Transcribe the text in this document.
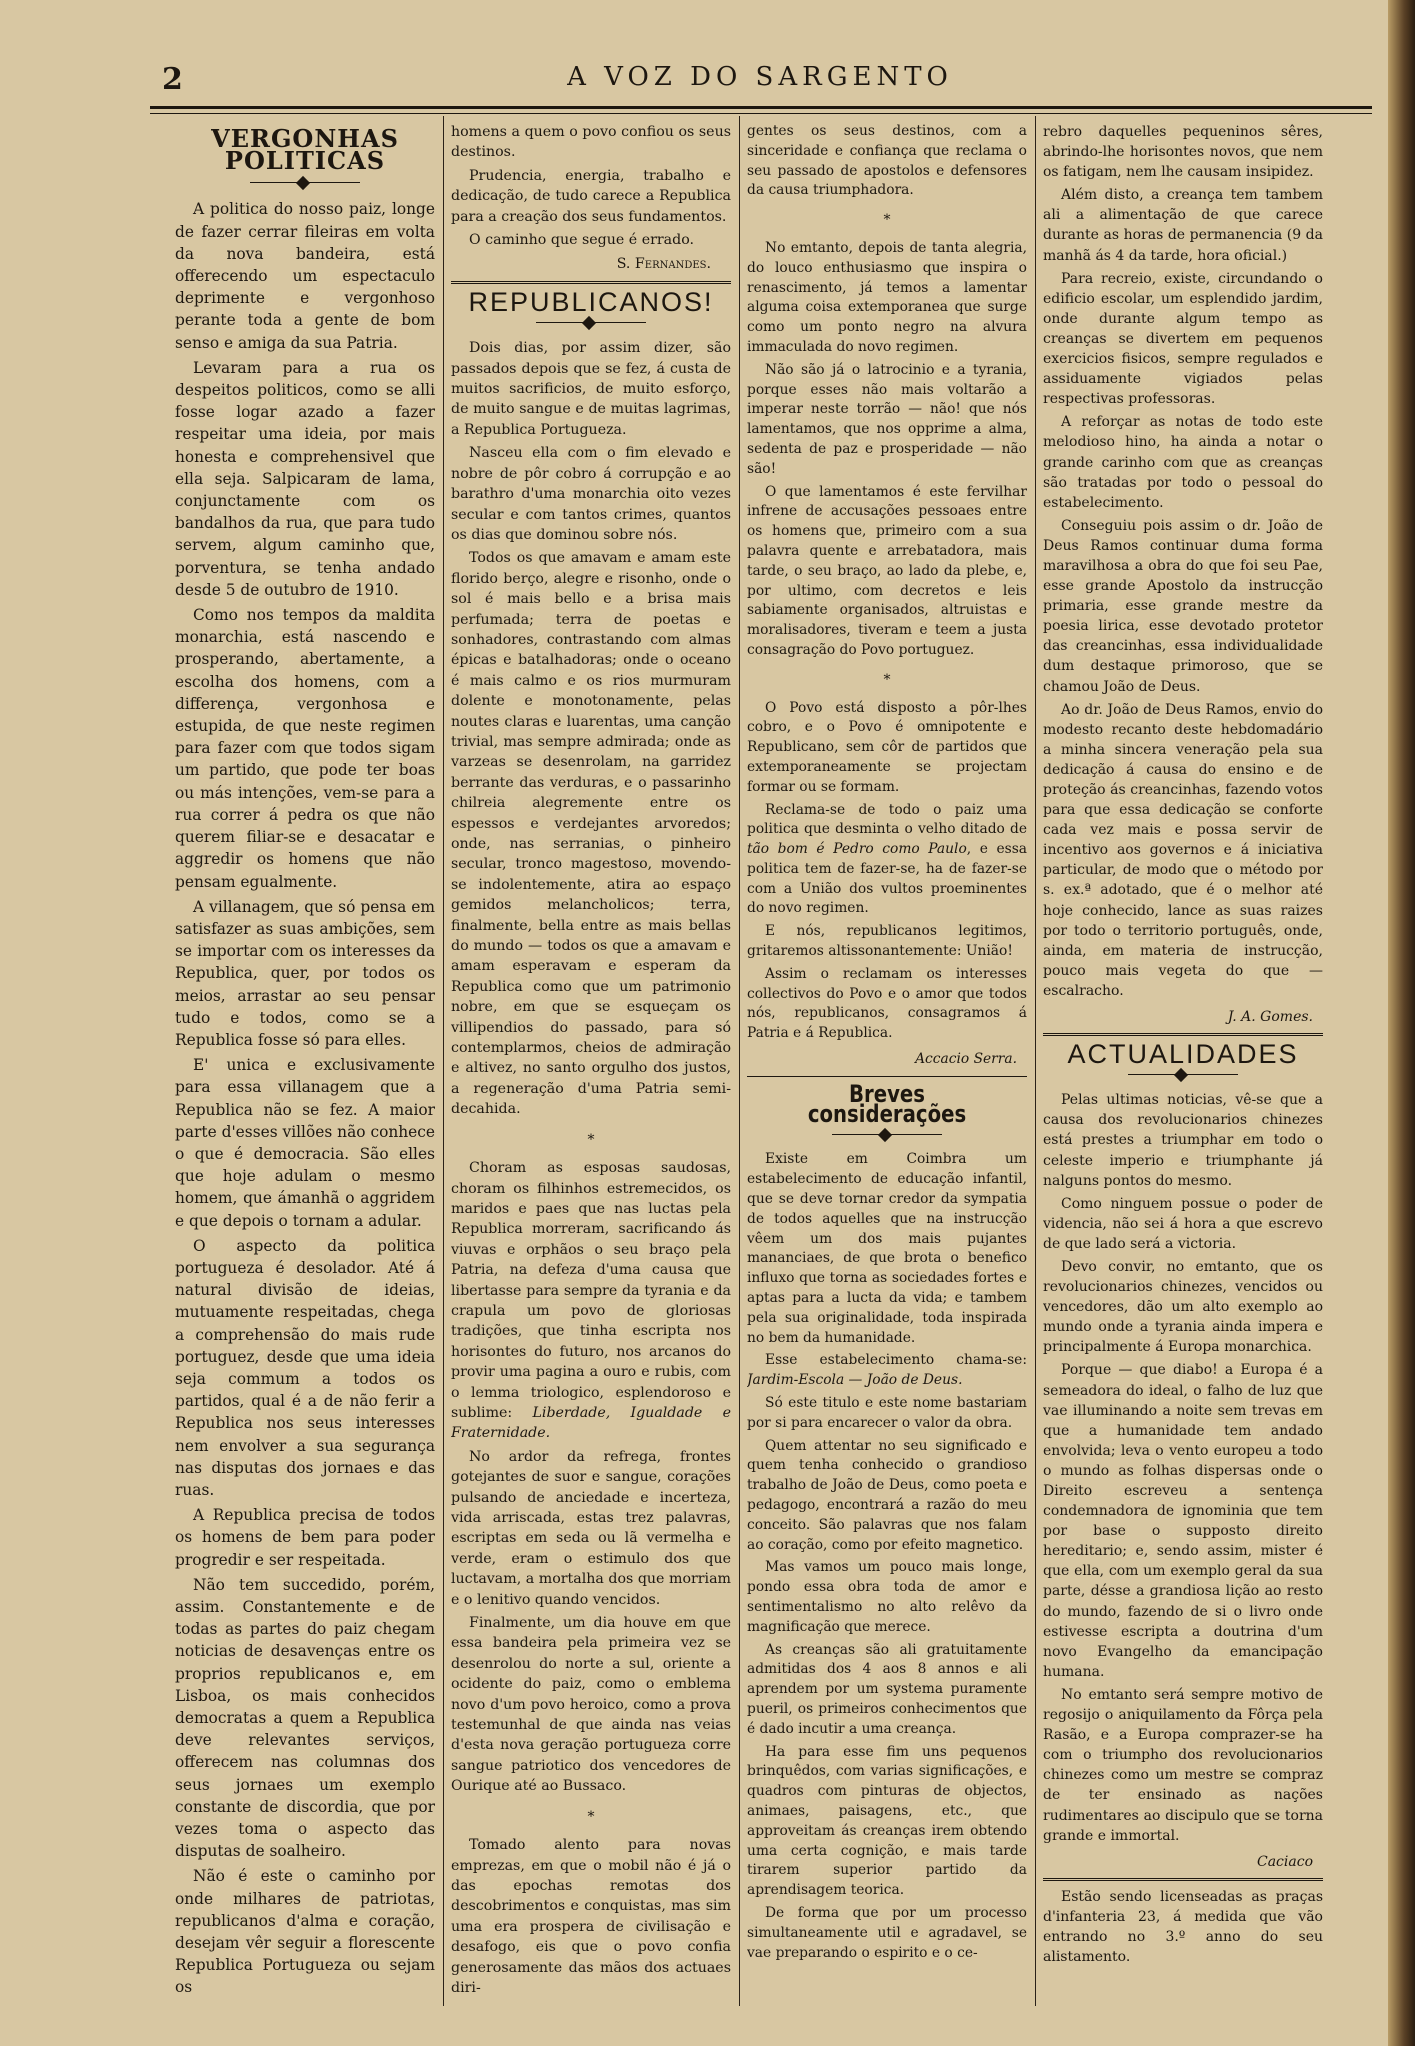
2	A VOZ DO SARGENTO
VERGONHAS POLITICAS

A politica do nosso paiz, longe de fazer cerrar fileiras em volta da nova bandeira, está offerecendo um espectaculo deprimente e vergonhoso perante toda a gente de bom senso e amiga da sua Patria.

Levaram para a rua os despeitos politicos, como se alli fosse logar azado a fazer respeitar uma ideia, por mais honesta e comprehensivel que ella seja. Salpicaram de lama, conjunctamente com os bandalhos da rua, que para tudo servem, algum caminho que, porventura, se tenha andado desde 5 de outubro de 1910.

Como nos tempos da maldita monarchia, está nascendo e prosperando, abertamente, a escolha dos homens, com a differença, vergonhosa e estupida, de que neste regimen para fazer com que todos sigam um partido, que pode ter boas ou más intenções, vem-se para a rua correr á pedra os que não querem filiar-se e desacatar e aggredir os homens que não pensam egualmente.

A villanagem, que só pensa em satisfazer as suas ambições, sem se importar com os interesses da Republica, quer, por todos os meios, arrastar ao seu pensar tudo e todos, como se a Republica fosse só para elles.

E' unica e exclusivamente para essa villanagem que a Republica não se fez. A maior parte d'esses villões não conhece o que é democracia. São elles que hoje adulam o mesmo homem, que ámanhã o aggridem e que depois o tornam a adular.

O aspecto da politica portugueza é desolador. Até á natural divisão de ideias, mutuamente respeitadas, chega a comprehensão do mais rude portuguez, desde que uma ideia seja commum a todos os partidos, qual é a de não ferir a Republica nos seus interesses nem envolver a sua segurança nas disputas dos jornaes e das ruas.

A Republica precisa de todos os homens de bem para poder progredir e ser respeitada.

Não tem succedido, porém, assim. Constantemente e de todas as partes do paiz chegam noticias de desavenças entre os proprios republicanos e, em Lisboa, os mais conhecidos democratas a quem a Republica deve relevantes serviços, offerecem nas columnas dos seus jornaes um exemplo constante de discordia, que por vezes toma o aspecto das disputas de soalheiro.

Não é este o caminho por onde milhares de patriotas, republicanos d'alma e coração, desejam vêr seguir a florescente Republica Portugueza ou sejam os

homens a quem o povo confiou os seus destinos.

Prudencia, energia, trabalho e dedicação, de tudo carece a Republica para a creação dos seus fundamentos.

O caminho que segue é errado.

S. Fernandes.
REPUBLICANOS!

Dois dias, por assim dizer, são passados depois que se fez, á custa de muitos sacrificios, de muito esforço, de muito sangue e de muitas lagrimas, a Republica Portugueza.

Nasceu ella com o fim elevado e nobre de pôr cobro á corrupção e ao barathro d'uma monarchia oito vezes secular e com tantos crimes, quantos os dias que dominou sobre nós.

Todos os que amavam e amam este florido berço, alegre e risonho, onde o sol é mais bello e a brisa mais perfumada; terra de poetas e sonhadores, contrastando com almas épicas e batalhadoras; onde o oceano é mais calmo e os rios murmuram dolente e monotonamente, pelas noutes claras e luarentas, uma canção trivial, mas sempre admirada; onde as varzeas se desenrolam, na garridez berrante das verduras, e o passarinho chilreia alegremente entre os espessos e verdejantes arvoredos; onde, nas serranias, o pinheiro secular, tronco magestoso, movendo-se indolentemente, atira ao espaço gemidos melancholicos; terra, finalmente, bella entre as mais bellas do mundo — todos os que a amavam e amam esperavam e esperam da Republica como que um patrimonio nobre, em que se esqueçam os villipendios do passado, para só contemplarmos, cheios de admiração e altivez, no santo orgulho dos justos, a regeneração d'uma Patria semi-decahida.

*

Choram as esposas saudosas, choram os filhinhos estremecidos, os maridos e paes que nas luctas pela Republica morreram, sacrificando ás viuvas e orphãos o seu braço pela Patria, na defeza d'uma causa que libertasse para sempre da tyrania e da crapula um povo de gloriosas tradições, que tinha escripta nos horisontes do futuro, nos arcanos do provir uma pagina a ouro e rubis, com o lemma triologico, esplendoroso e sublime: Liberdade, Igualdade e Fraternidade.

No ardor da refrega, frontes gotejantes de suor e sangue, corações pulsando de anciedade e incerteza, vida arriscada, estas trez palavras, escriptas em seda ou lã vermelha e verde, eram o estimulo dos que luctavam, a mortalha dos que morriam e o lenitivo quando vencidos.

Finalmente, um dia houve em que essa bandeira pela primeira vez se desenrolou do norte a sul, oriente a ocidente do paiz, como o emblema novo d'um povo heroico, como a prova testemunhal de que ainda nas veias d'esta nova geração portugueza corre sangue patriotico dos vencedores de Ourique até ao Bussaco.

*

Tomado alento para novas emprezas, em que o mobil não é já o das epochas remotas dos descobrimentos e conquistas, mas sim uma era prospera de civilisação e desafogo, eis que o povo confia generosamente das mãos dos actuaes diri-

gentes os seus destinos, com a sinceridade e confiança que reclama o seu passado de apostolos e defensores da causa triumphadora.

*

No emtanto, depois de tanta alegria, do louco enthusiasmo que inspira o renascimento, já temos a lamentar alguma coisa extemporanea que surge como um ponto negro na alvura immaculada do novo regimen.

Não são já o latrocinio e a tyrania, porque esses não mais voltarão a imperar neste torrão — não! que nós lamentamos, que nos opprime a alma, sedenta de paz e prosperidade — não são!

O que lamentamos é este fervilhar infrene de accusações pessoaes entre os homens que, primeiro com a sua palavra quente e arrebatadora, mais tarde, o seu braço, ao lado da plebe, e, por ultimo, com decretos e leis sabiamente organisados, altruistas e moralisadores, tiveram e teem a justa consagração do Povo portuguez.

*

O Povo está disposto a pôr-lhes cobro, e o Povo é omnipotente e Republicano, sem côr de partidos que extemporaneamente se projectam formar ou se formam.

Reclama-se de todo o paiz uma politica que desminta o velho ditado de tão bom é Pedro como Paulo, e essa politica tem de fazer-se, ha de fazer-se com a União dos vultos proeminentes do novo regimen.

E nós, republicanos legitimos, gritaremos altissonantemente: União!

Assim o reclamam os interesses collectivos do Povo e o amor que todos nós, republicanos, consagramos á Patria e á Republica.

Accacio Serra.
Breves considerações

Existe em Coimbra um estabelecimento de educação infantil, que se deve tornar credor da sympatia de todos aquelles que na instrucção vêem um dos mais pujantes mananciaes, de que brota o benefico influxo que torna as sociedades fortes e aptas para a lucta da vida; e tambem pela sua originalidade, toda inspirada no bem da humanidade.

Esse estabelecimento chama-se: Jardim-Escola — João de Deus.

Só este titulo e este nome bastariam por si para encarecer o valor da obra.

Quem attentar no seu significado e quem tenha conhecido o grandioso trabalho de João de Deus, como poeta e pedagogo, encontrará a razão do meu conceito. São palavras que nos falam ao coração, como por efeito magnetico.

Mas vamos um pouco mais longe, pondo essa obra toda de amor e sentimentalismo no alto relêvo da magnificação que merece.

As creanças são ali gratuitamente admitidas dos 4 aos 8 annos e ali aprendem por um systema puramente pueril, os primeiros conhecimentos que é dado incutir a uma creança.

Ha para esse fim uns pequenos brinquêdos, com varias significações, e quadros com pinturas de objectos, animaes, paisagens, etc., que approveitam ás creanças irem obtendo uma certa cognição, e mais tarde tirarem superior partido da aprendisagem teorica.

De forma que por um processo simultaneamente util e agradavel, se vae preparando o espirito e o ce-

rebro daquelles pequeninos sêres, abrindo-lhe horisontes novos, que nem os fatigam, nem lhe causam insipidez.

Além disto, a creança tem tambem ali a alimentação de que carece durante as horas de permanencia (9 da manhã ás 4 da tarde, hora oficial.)

Para recreio, existe, circundando o edificio escolar, um esplendido jardim, onde durante algum tempo as creanças se divertem em pequenos exercicios fisicos, sempre regulados e assiduamente vigiados pelas respectivas professoras.

A reforçar as notas de todo este melodioso hino, ha ainda a notar o grande carinho com que as creanças são tratadas por todo o pessoal do estabelecimento.

Conseguiu pois assim o dr. João de Deus Ramos continuar duma forma maravilhosa a obra do que foi seu Pae, esse grande Apostolo da instrucção primaria, esse grande mestre da poesia lirica, esse devotado protetor das creancinhas, essa individualidade dum destaque primoroso, que se chamou João de Deus.

Ao dr. João de Deus Ramos, envio do modesto recanto deste hebdomadário a minha sincera veneração pela sua dedicação á causa do ensino e de proteção ás creancinhas, fazendo votos para que essa dedicação se conforte cada vez mais e possa servir de incentivo aos governos e á iniciativa particular, de modo que o método por s. ex.ª adotado, que é o melhor até hoje conhecido, lance as suas raizes por todo o territorio português, onde, ainda, em materia de instrucção, pouco mais vegeta do que — escalracho.

J. A. Gomes.
ACTUALIDADES

Pelas ultimas noticias, vê-se que a causa dos revolucionarios chinezes está prestes a triumphar em todo o celeste imperio e triumphante já nalguns pontos do mesmo.

Como ninguem possue o poder de videncia, não sei á hora a que escrevo de que lado será a victoria.

Devo convir, no emtanto, que os revolucionarios chinezes, vencidos ou vencedores, dão um alto exemplo ao mundo onde a tyrania ainda impera e principalmente á Europa monarchica.

Porque — que diabo! a Europa é a semeadora do ideal, o falho de luz que vae illuminando a noite sem trevas em que a humanidade tem andado envolvida; leva o vento europeu a todo o mundo as folhas dispersas onde o Direito escreveu a sentença condemnadora de ignominia que tem por base o supposto direito hereditario; e, sendo assim, mister é que ella, com um exemplo geral da sua parte, désse a grandiosa lição ao resto do mundo, fazendo de si o livro onde estivesse escripta a doutrina d'um novo Evangelho da emancipação humana.

No emtanto será sempre motivo de regosijo o aniquilamento da Fôrça pela Rasão, e a Europa comprazer-se ha com o triumpho dos revolucionarios chinezes como um mestre se compraz de ter ensinado as nações rudimentares ao discipulo que se torna grande e immortal.

Caciaco

Estão sendo licenseadas as praças d'infanteria 23, á medida que vão entrando no 3.º anno do seu alistamento.
